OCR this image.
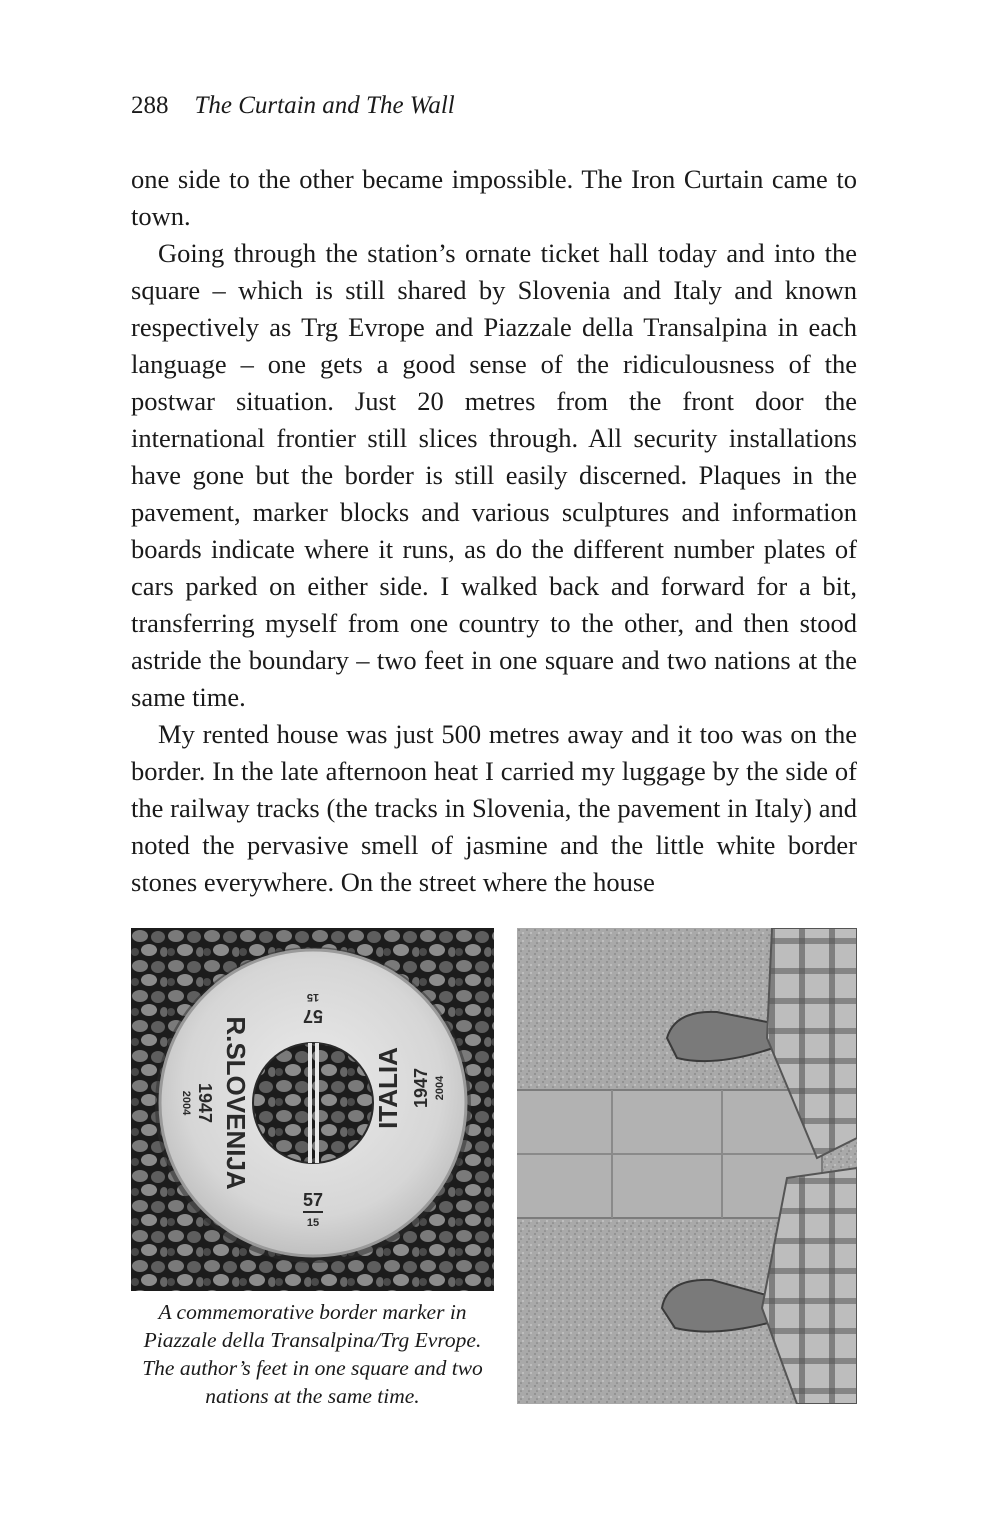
288 The Curtain and The Wall

one side to the other became impossible. The Iron Curtain came to town.

Going through the station’s ornate ticket hall today and into the square – which is still shared by Slovenia and Italy and known respectively as Trg Evrope and Piazzale della Transalpina in each language – one gets a good sense of the ridiculousness of the postwar situation. Just 20 metres from the front door the international frontier still slices through. All security installations have gone but the border is still easily discerned. Plaques in the pavement, marker blocks and various sculptures and information boards indicate where it runs, as do the different number plates of cars parked on either side. I walked back and forward for a bit, transferring myself from one country to the other, and then stood astride the boundary – two feet in one square and two nations at the same time.

My rented house was just 500 metres away and it too was on the border. In the late afternoon heat I carried my luggage by the side of the railway tracks (the tracks in Slovenia, the pavement in Italy) and noted the pervasive smell of jasmine and the little white border stones everywhere. On the street where the house

R.SLOVENIJA
1947
2004	ITALIA 1947 2004
57
15
57
15
A commemorative border marker in
Piazzale della Transalpina/Trg Evrope.
The author’s feet in one square and two
nations at the same time.
